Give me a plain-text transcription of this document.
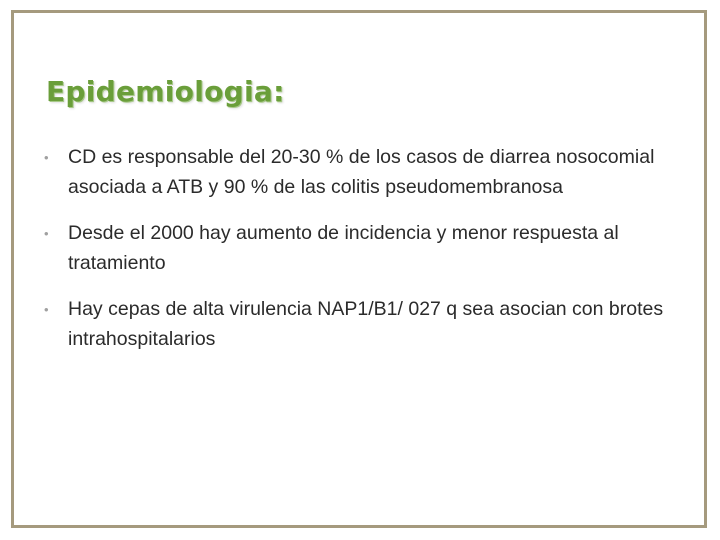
Epidemiologia:
• CD es responsable del 20-30 % de los casos de diarrea nosocomial asociada a ATB y 90 % de las colitis pseudomembranosa
• Desde el 2000 hay aumento de incidencia y menor respuesta al tratamiento
• Hay cepas de alta virulencia NAP1/B1/ 027 q sea asocian con brotes intrahospitalarios
